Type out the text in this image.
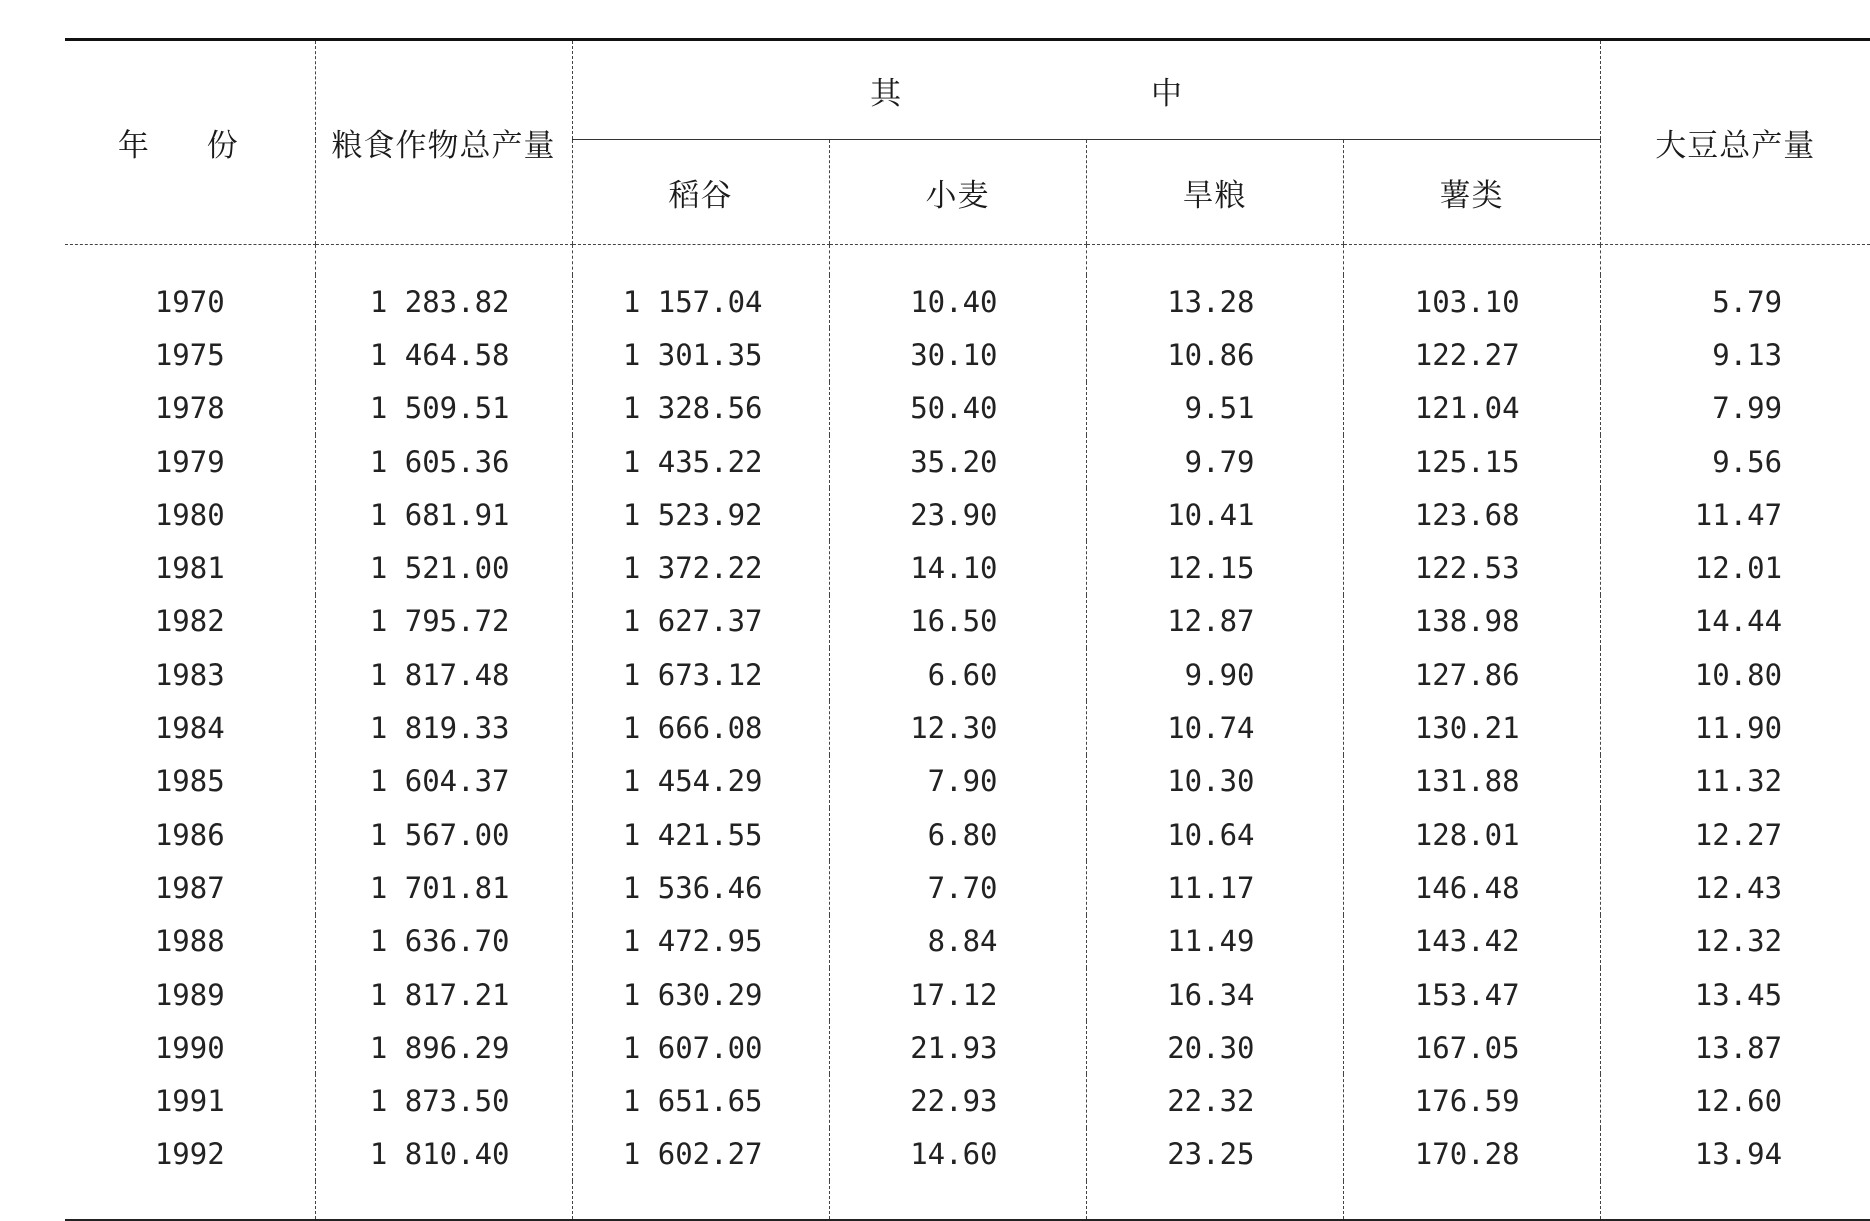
年 份	粮食作物总产量	其 中				大豆总产量
		稻谷	小麦	旱粮	薯类	

1970	1 283.82	1 157.04	10.40	13.28	103.10	5.79
1975	1 464.58	1 301.35	30.10	10.86	122.27	9.13
1978	1 509.51	1 328.56	50.40	9.51	121.04	7.99
1979	1 605.36	1 435.22	35.20	9.79	125.15	9.56
1980	1 681.91	1 523.92	23.90	10.41	123.68	11.47
1981	1 521.00	1 372.22	14.10	12.15	122.53	12.01
1982	1 795.72	1 627.37	16.50	12.87	138.98	14.44
1983	1 817.48	1 673.12	6.60	9.90	127.86	10.80
1984	1 819.33	1 666.08	12.30	10.74	130.21	11.90
1985	1 604.37	1 454.29	7.90	10.30	131.88	11.32
1986	1 567.00	1 421.55	6.80	10.64	128.01	12.27
1987	1 701.81	1 536.46	7.70	11.17	146.48	12.43
1988	1 636.70	1 472.95	8.84	11.49	143.42	12.32
1989	1 817.21	1 630.29	17.12	16.34	153.47	13.45
1990	1 896.29	1 607.00	21.93	20.30	167.05	13.87
1991	1 873.50	1 651.65	22.93	22.32	176.59	12.60
1992	1 810.40	1 602.27	14.60	23.25	170.28	13.94
